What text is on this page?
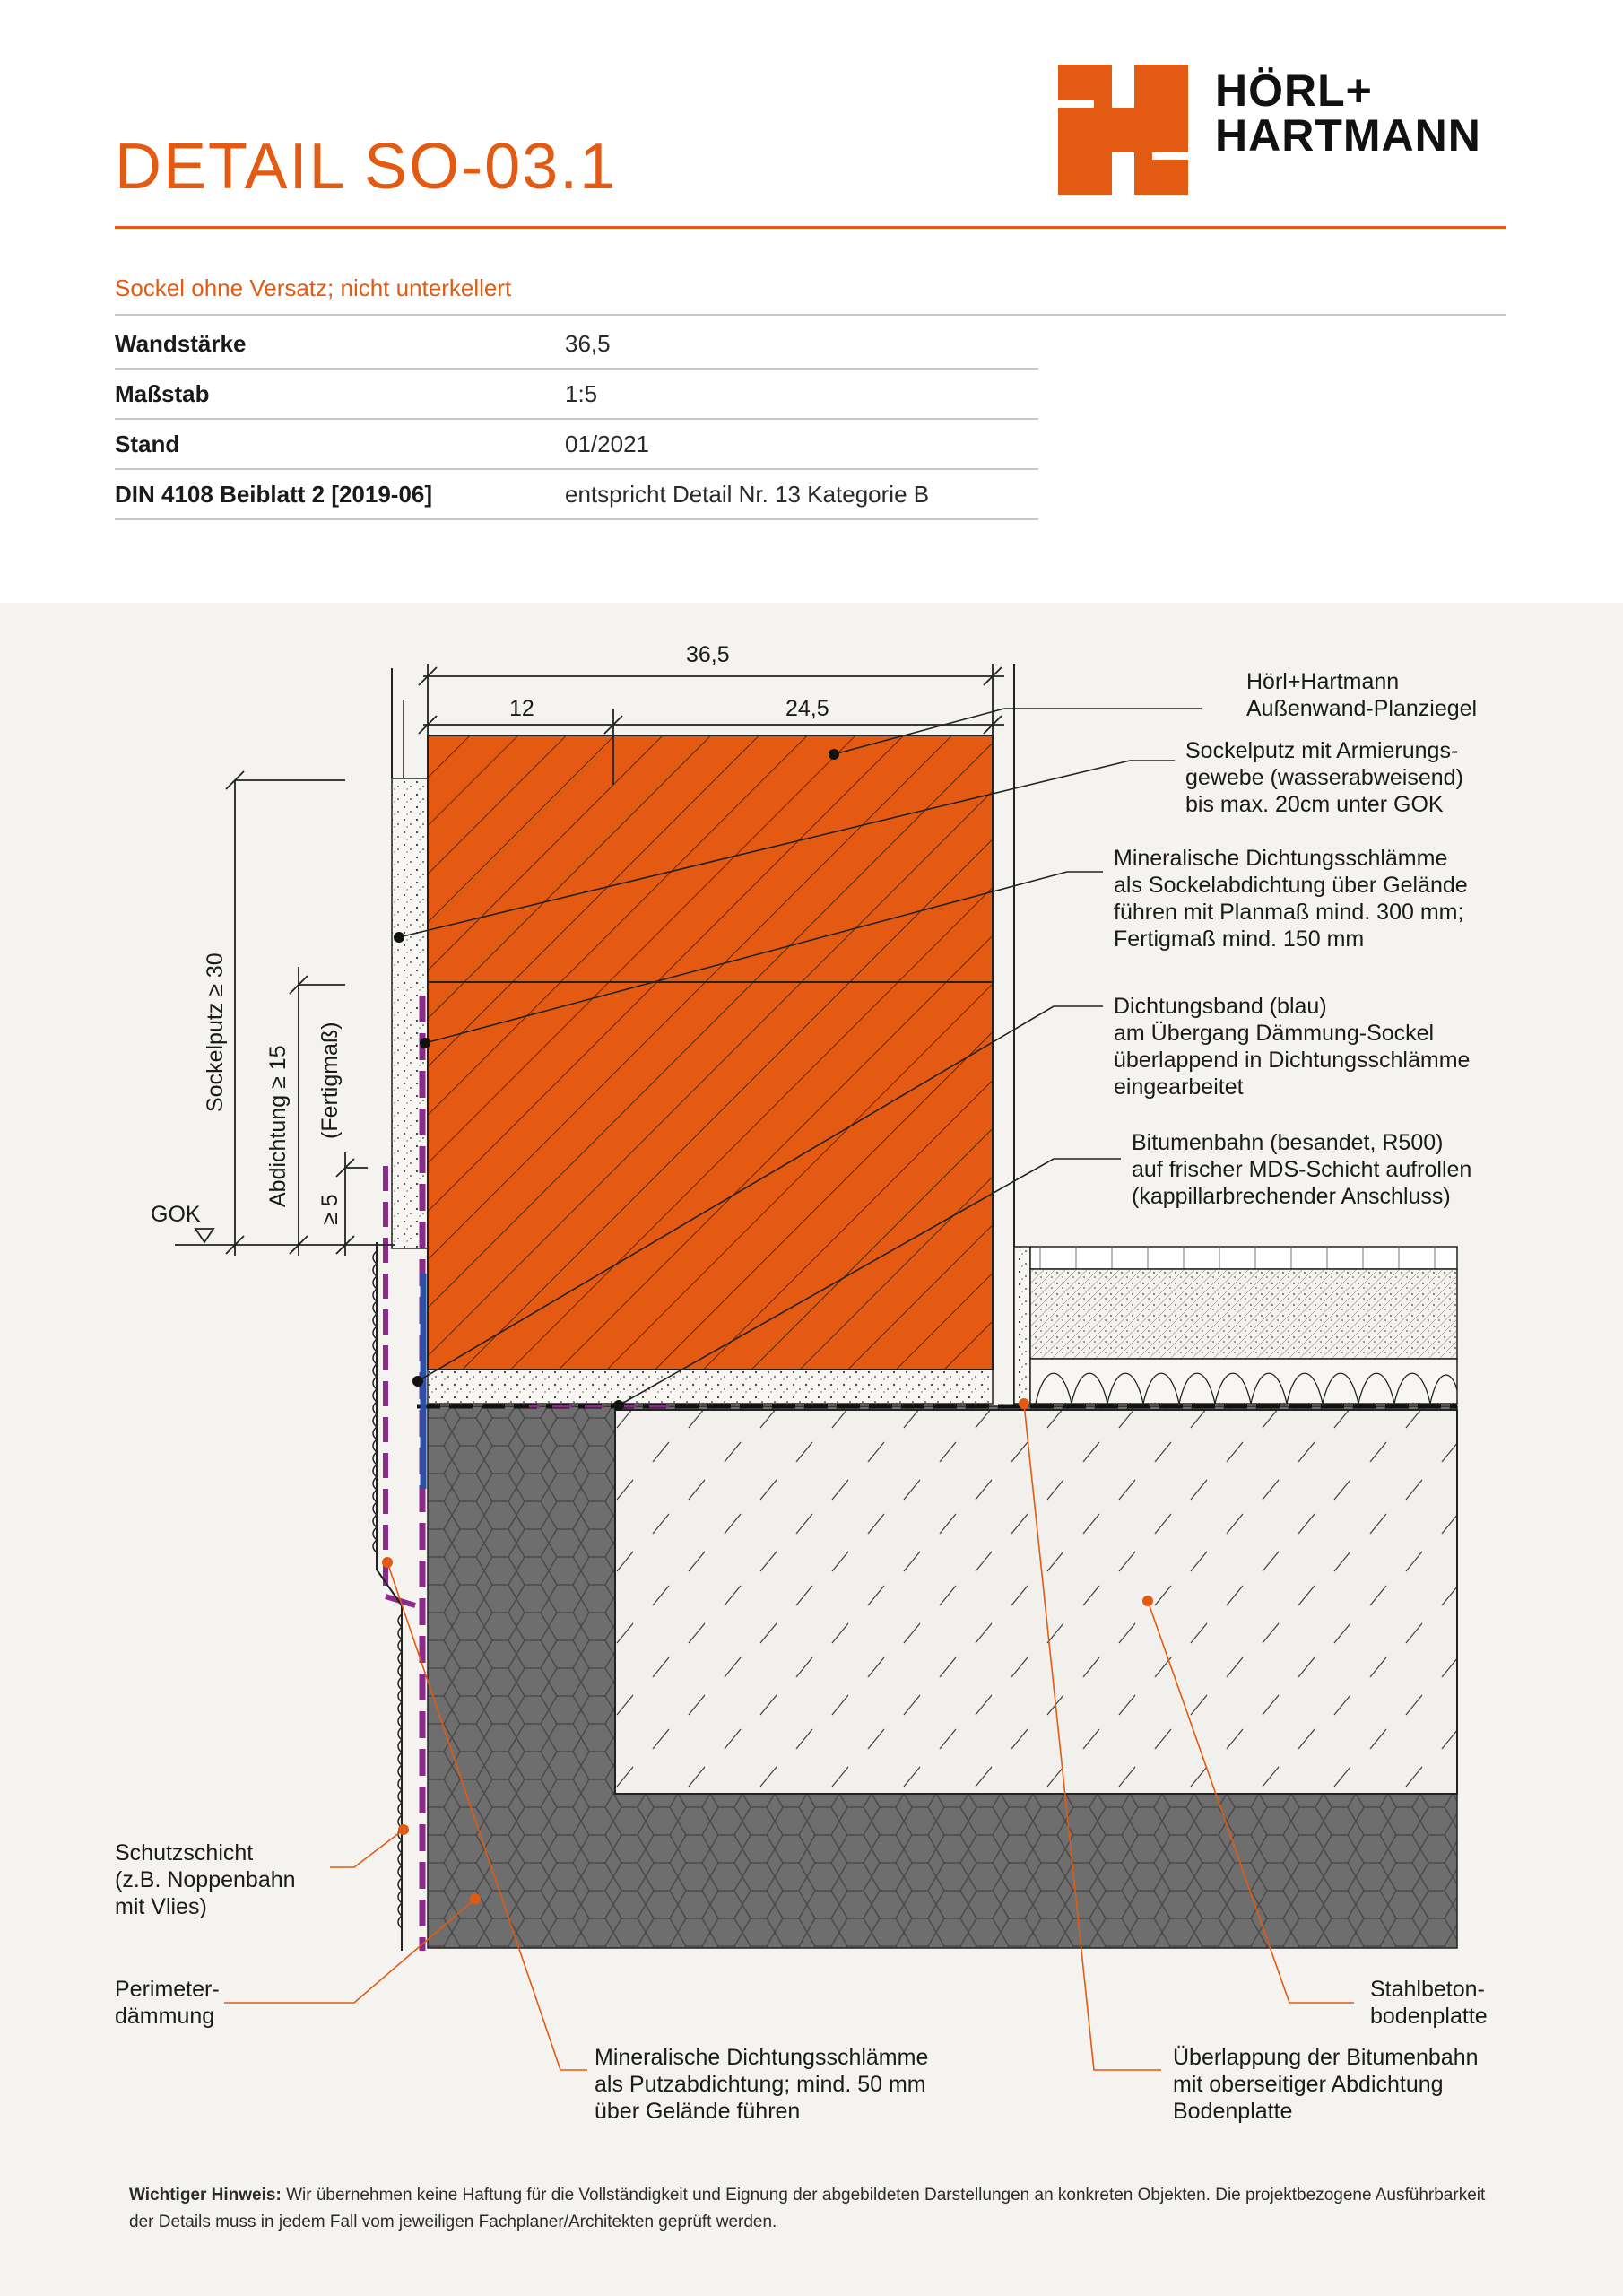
DETAIL SO-03.1
HÖRL+
HARTMANN
Sockel ohne Versatz; nicht unterkellert
Wandstärke	36,5
Maßstab	1:5
Stand	01/2021
DIN 4108 Beiblatt 2 [2019-06]	entspricht Detail Nr. 13 Kategorie B
36,5
12	24,5
GOK
Sockelputz ≥ 30
Abdichtung ≥ 15 (Fertigmaß)
≥ 5
Hörl+Hartmann Außenwand-Planziegel
Sockelputz mit Armierungs- gewebe (wasserabweisend) bis max. 20cm unter GOK
Mineralische Dichtungsschlämme als Sockelabdichtung über Gelände führen mit Planmaß mind. 300 mm; Fertigmaß mind. 150 mm
Dichtungsband (blau) am Übergang Dämmung-Sockel überlappend in Dichtungsschlämme eingearbeitet
Bitumenbahn (besandet, R500) auf frischer MDS-Schicht aufrollen (kappillarbrechender Anschluss)
Schutzschicht (z.B. Noppenbahn mit Vlies)
Perimeter- dämmung
Mineralische Dichtungsschlämme als Putzabdichtung; mind. 50 mm über Gelände führen
Überlappung der Bitumenbahn mit oberseitiger Abdichtung Bodenplatte
Stahlbeton- bodenplatte
Wichtiger Hinweis: Wir übernehmen keine Haftung für die Vollständigkeit und Eignung der abgebildeten Darstellungen an konkreten Objekten. Die projektbezogene Ausführbarkeit der Details muss in jedem Fall vom jeweiligen Fachplaner/Architekten geprüft werden.
